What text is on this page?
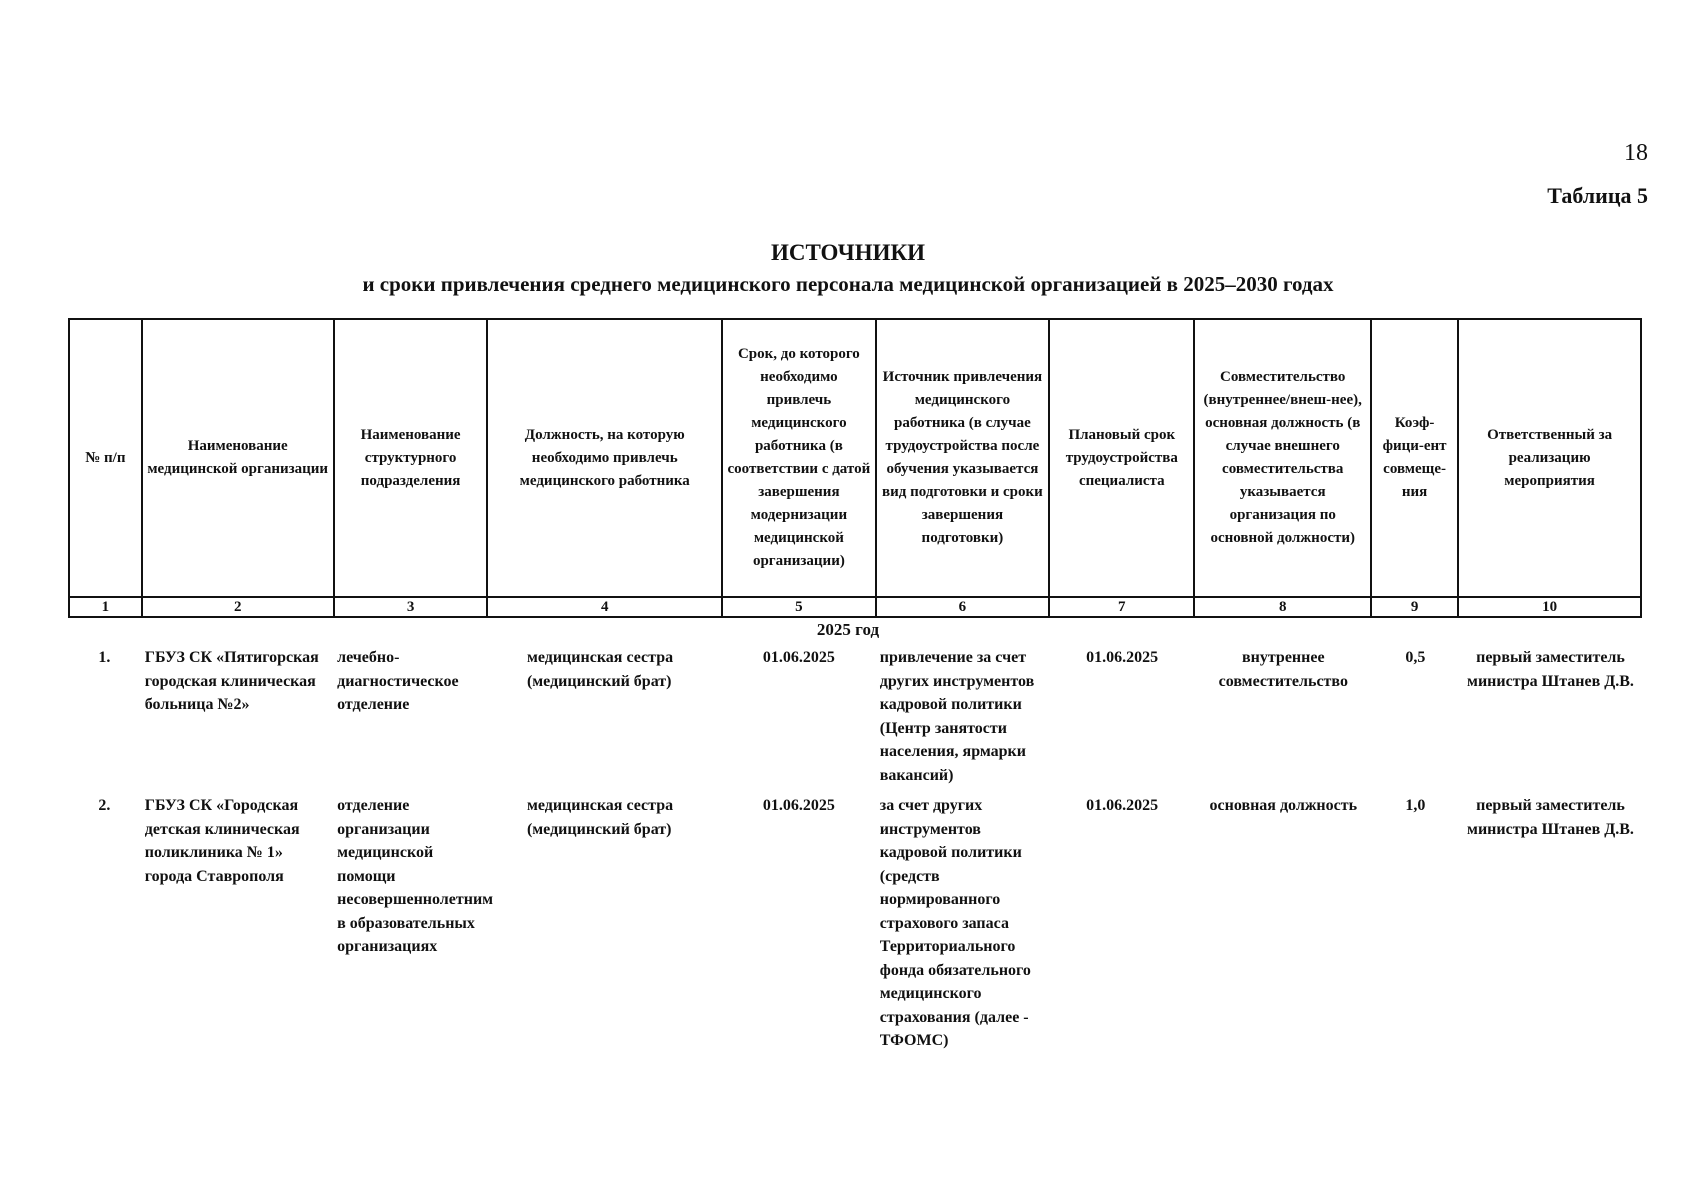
18
Таблица 5
ИСТОЧНИКИ
и сроки привлечения среднего медицинского персонала медицинской организацией в 2025–2030 годах
№ п/п	Наименование медицинской организации	Наименование структурного подразделения	Должность, на которую необходимо привлечь медицинского работника	Срок, до которого необходимо привлечь медицинского работника (в соответствии с датой завершения модернизации медицинской организации)	Источник привлечения медицинского работника (в случае трудоустройства после обучения указывается вид подготовки и сроки завершения подготовки)	Плановый срок трудоустройства специалиста	Совместительство (внутреннее/внеш-нее), основная должность (в случае внешнего совместительства указывается организация по основной должности)	Коэф-фици-ент совмеще-ния	Ответственный за реализацию мероприятия
1	2	3	4	5	6	7	8	9	10
2025 год
1.	ГБУЗ СК «Пятигорская городская клиническая больница №2»	лечебно-диагностическое отделение	медицинская сестра (медицинский брат)	01.06.2025	привлечение за счет других инструментов кадровой политики (Центр занятости населения, ярмарки вакансий)	01.06.2025	внутреннее совместительство	0,5	первый заместитель министра Штанев Д.В.
2.	ГБУЗ СК «Городская детская клиническая поликлиника № 1» города Ставрополя	отделение организации медицинской помощи несовершеннолетним в образовательных организациях	медицинская сестра (медицинский брат)	01.06.2025	за счет других инструментов кадровой политики (средств нормированного страхового запаса Территориального фонда обязательного медицинского страхования (далее - ТФОМС)	01.06.2025	основная должность	1,0	первый заместитель министра Штанев Д.В.
